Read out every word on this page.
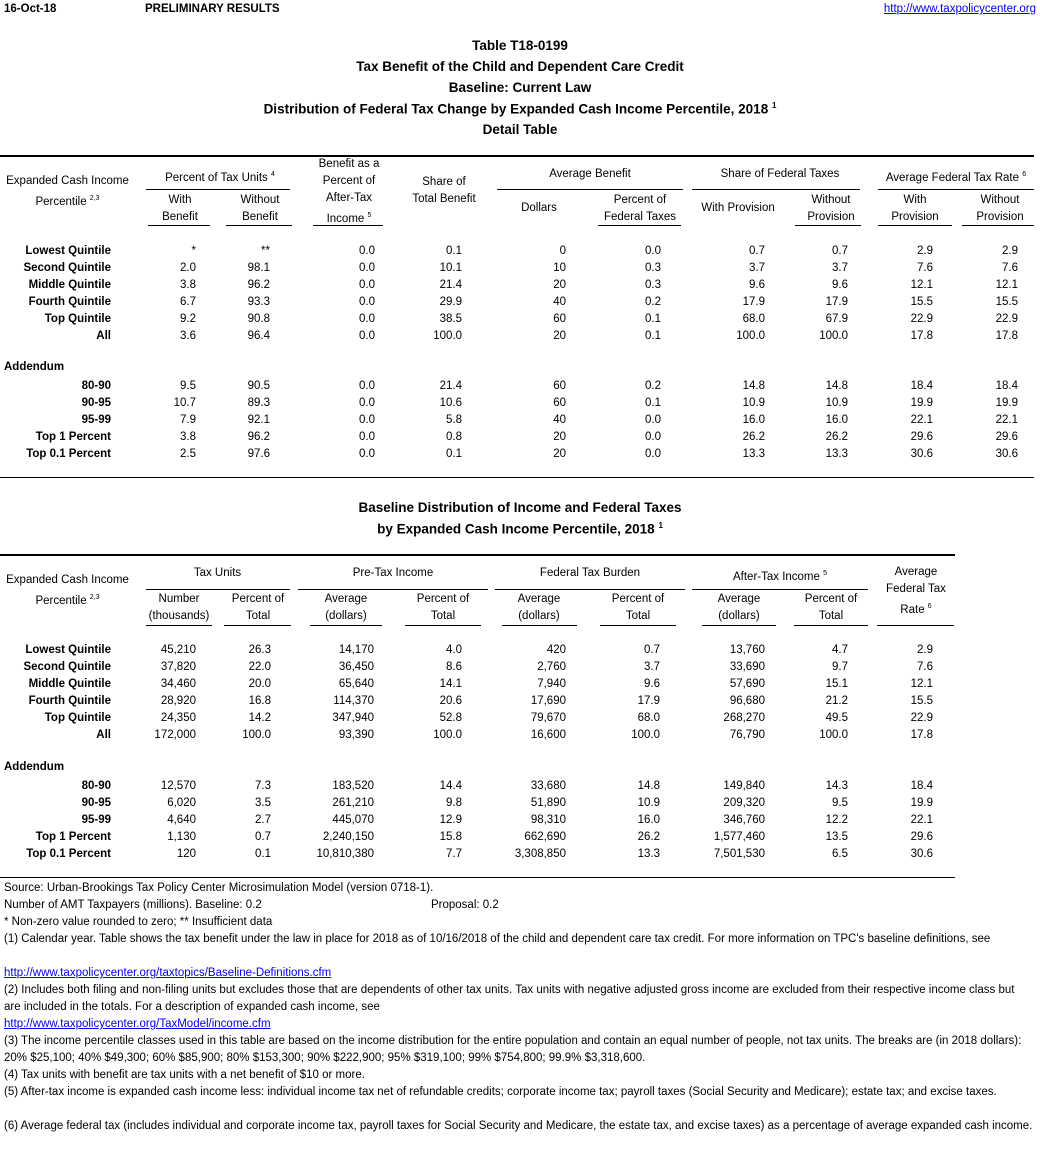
16-Oct-18	PRELIMINARY RESULTS	http://www.taxpolicycenter.org
Table T18-0199
Tax Benefit of the Child and Dependent Care Credit
Baseline: Current Law
Distribution of Federal Tax Change by Expanded Cash Income Percentile, 2018 $^1$
Detail Table
Expanded Cash Income
Percentile $^{2,3}$
Percent of Tax Units $^4$
With
Benefit
Without
Benefit
Benefit as a
Percent of
After-Tax
Income $^5$
Share of
Total Benefit
Average Benefit
Dollars
Percent of
Federal Taxes
Share of Federal Taxes
With Provision
Without
Provision
Average Federal Tax Rate $^6$
With
Provision
Without
Provision
Lowest Quintile	*	**	0.0	0.1	0	0.0	0.7	0.7	2.9	2.9
Second Quintile	2.0	98.1	0.0	10.1	10	0.3	3.7	3.7	7.6	7.6
Middle Quintile	3.8	96.2	0.0	21.4	20	0.3	9.6	9.6	12.1	12.1
Fourth Quintile	6.7	93.3	0.0	29.9	40	0.2	17.9	17.9	15.5	15.5
Top Quintile	9.2	90.8	0.0	38.5	60	0.1	68.0	67.9	22.9	22.9
All	3.6	96.4	0.0	100.0	20	0.1	100.0	100.0	17.8	17.8
Addendum
80-90	9.5	90.5	0.0	21.4	60	0.2	14.8	14.8	18.4	18.4
90-95	10.7	89.3	0.0	10.6	60	0.1	10.9	10.9	19.9	19.9
95-99	7.9	92.1	0.0	5.8	40	0.0	16.0	16.0	22.1	22.1
Top 1 Percent	3.8	96.2	0.0	0.8	20	0.0	26.2	26.2	29.6	29.6
Top 0.1 Percent	2.5	97.6	0.0	0.1	20	0.0	13.3	13.3	30.6	30.6
Baseline Distribution of Income and Federal Taxes
by Expanded Cash Income Percentile, 2018 $^1$
Expanded Cash Income
Percentile $^{2,3}$
Tax Units
Number
(thousands)
Percent of
Total
Pre-Tax Income
Average
(dollars)
Percent of
Total
Federal Tax Burden
Average
(dollars)
Percent of
Total
After-Tax Income $^5$
Average
(dollars)
Percent of
Total
Average
Federal Tax
Rate $^6$
Lowest Quintile	45,210	26.3	14,170	4.0	420	0.7	13,760	4.7	2.9
Second Quintile	37,820	22.0	36,450	8.6	2,760	3.7	33,690	9.7	7.6
Middle Quintile	34,460	20.0	65,640	14.1	7,940	9.6	57,690	15.1	12.1
Fourth Quintile	28,920	16.8	114,370	20.6	17,690	17.9	96,680	21.2	15.5
Top Quintile	24,350	14.2	347,940	52.8	79,670	68.0	268,270	49.5	22.9
All	172,000	100.0	93,390	100.0	16,600	100.0	76,790	100.0	17.8
Addendum
80-90	12,570	7.3	183,520	14.4	33,680	14.8	149,840	14.3	18.4
90-95	6,020	3.5	261,210	9.8	51,890	10.9	209,320	9.5	19.9
95-99	4,640	2.7	445,070	12.9	98,310	16.0	346,760	12.2	22.1
Top 1 Percent	1,130	0.7	2,240,150	15.8	662,690	26.2	1,577,460	13.5	29.6
Top 0.1 Percent	120	0.1	10,810,380	7.7	3,308,850	13.3	7,501,530	6.5	30.6
Source: Urban-Brookings Tax Policy Center Microsimulation Model (version 0718-1).
Number of AMT Taxpayers (millions). Baseline: 0.2	Proposal: 0.2
* Non-zero value rounded to zero; ** Insufficient data
(1) Calendar year. Table shows the tax benefit under the law in place for 2018 as of 10/16/2018 of the child and dependent care tax credit. For more information on TPC's baseline definitions, see
http://www.taxpolicycenter.org/taxtopics/Baseline-Definitions.cfm
(2) Includes both filing and non-filing units but excludes those that are dependents of other tax units. Tax units with negative adjusted gross income are excluded from their respective income class but are included in the totals. For a description of expanded cash income, see
http://www.taxpolicycenter.org/TaxModel/income.cfm
(3) The income percentile classes used in this table are based on the income distribution for the entire population and contain an equal number of people, not tax units. The breaks are (in 2018 dollars): 20% $25,100; 40% $49,300; 60% $85,900; 80% $153,300; 90% $222,900; 95% $319,100; 99% $754,800; 99.9% $3,318,600.
(4) Tax units with benefit are tax units with a net benefit of $10 or more.
(5) After-tax income is expanded cash income less: individual income tax net of refundable credits; corporate income tax; payroll taxes (Social Security and Medicare); estate tax; and excise taxes.
(6) Average federal tax (includes individual and corporate income tax, payroll taxes for Social Security and Medicare, the estate tax, and excise taxes) as a percentage of average expanded cash income.
